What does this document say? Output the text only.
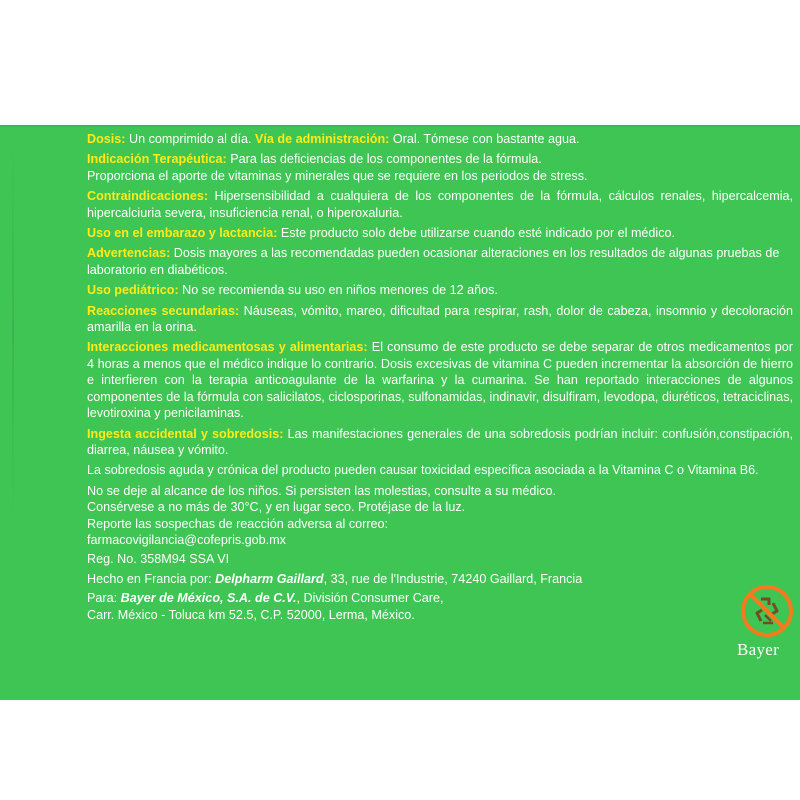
Dosis: Un comprimido al día. Vía de administración: Oral. Tómese con bastante agua.

Indicación Terapéutica: Para las deficiencias de los componentes de la fórmula.
Proporciona el aporte de vitaminas y minerales que se requiere en los periodos de stress.

Contraindicaciones: Hipersensibilidad a cualquiera de los componentes de la fórmula, cálculos renales, hipercalcemia, hipercalciuria severa, insuficiencia renal, o hiperoxaluria.

Uso en el embarazo y lactancia: Este producto solo debe utilizarse cuando esté indicado por el médico.

Advertencias: Dosis mayores a las recomendadas pueden ocasionar alteraciones en los resultados de algunas pruebas de laboratorio en diabéticos.

Uso pediátrico: No se recomienda su uso en niños menores de 12 años.

Reacciones secundarias: Náuseas, vómito, mareo, dificultad para respirar, rash, dolor de cabeza, insomnio y decoloración amarilla en la orina.

Interacciones medicamentosas y alimentarias: El consumo de este producto se debe separar de otros medicamentos por 4 horas a menos que el médico indique lo contrario. Dosis excesivas de vitamina C pueden incrementar la absorción de hierro e interfieren con la terapia anticoagulante de la warfarina y la cumarina. Se han reportado interacciones de algunos componentes de la fórmula con salicilatos, ciclosporinas, sulfonamidas, indinavir, disulfiram, levodopa, diuréticos, tetraciclinas, levotiroxina y penicilaminas.

Ingesta accidental y sobredosis: Las manifestaciones generales de una sobredosis podrían incluir: confusión,constipación, diarrea, náusea y vómito.

La sobredosis aguda y crónica del producto pueden causar toxicidad específica asociada a la Vitamina C o Vitamina B6.

No se deje al alcance de los niños. Si persisten las molestias, consulte a su médico.
Consérvese a no más de 30°C, y en lugar seco. Protéjase de la luz.
Reporte las sospechas de reacción adversa al correo:
farmacovigilancia@cofepris.gob.mx
Reg. No. 358M94 SSA VI
Hecho en Francia por: Delpharm Gaillard, 33, rue de l'Industrie, 74240 Gaillard, Francia
Para: Bayer de México, S.A. de C.V., División Consumer Care,
Carr. México - Toluca km 52.5, C.P. 52000, Lerma, México.
Bayer
